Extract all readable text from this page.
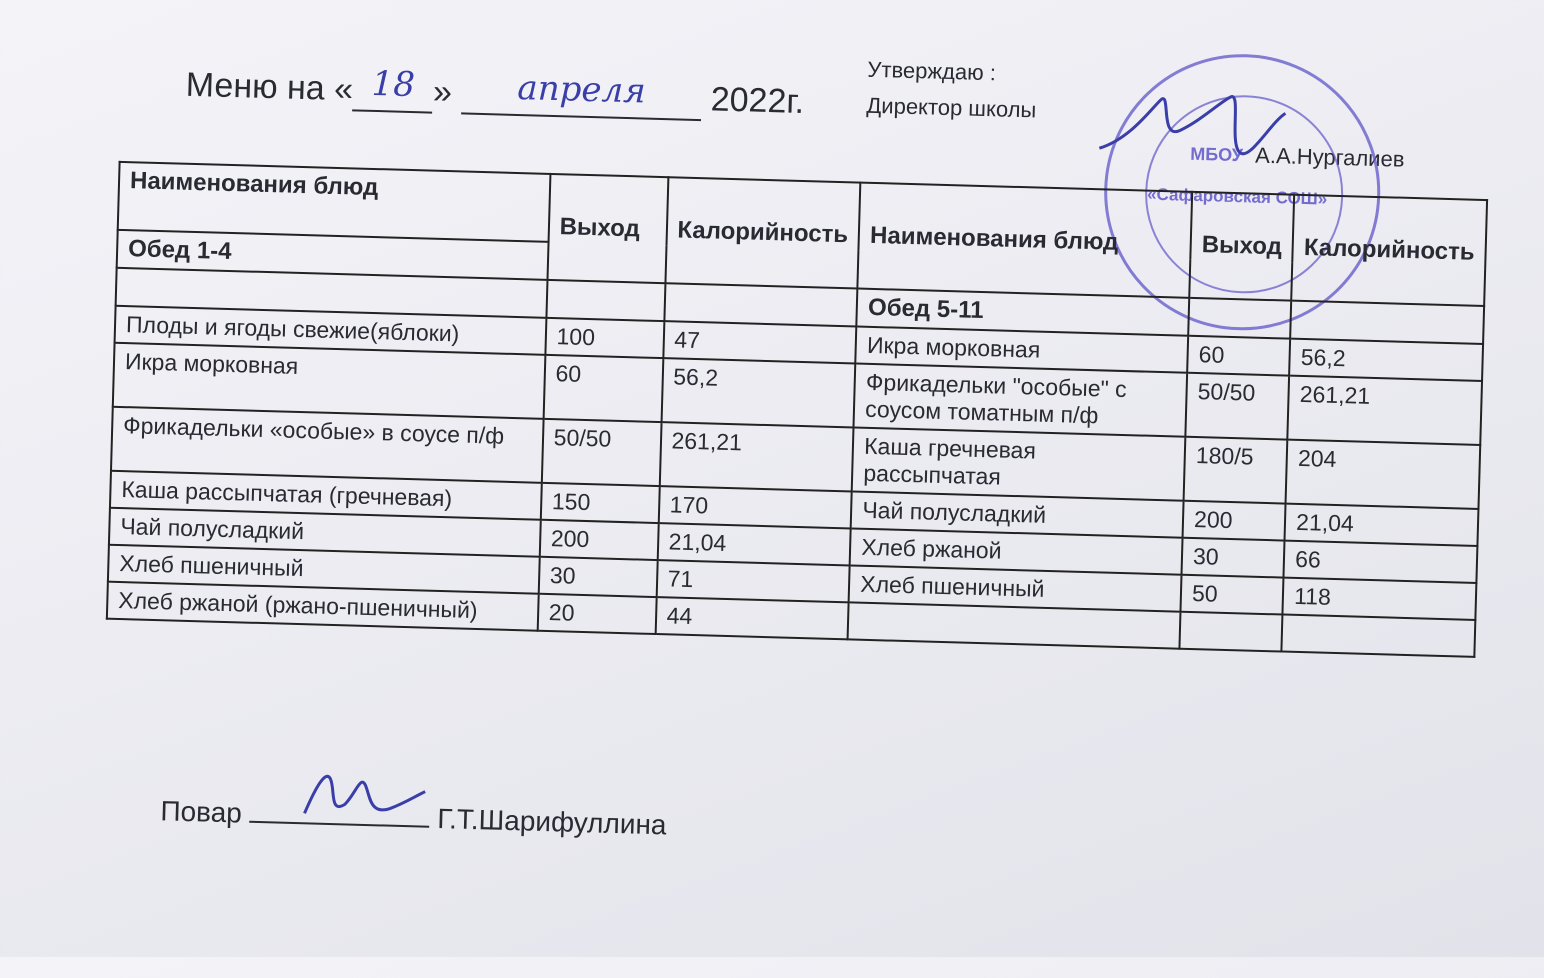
Меню на « 18 » апреля 2022г.
Утверждаю :
Директор школы
А.А.Нургалиев
МБОУ
«Сафаровская СОШ»
Наименования блюд	Выход	Калорийность	Наименования блюд	Выход	Калорийность
Обед 1-4					
			Обед 5-11		
Плоды и ягоды свежие(яблоки)	100	47	Икра морковная	60	56,2
Икра морковная	60	56,2	Фрикадельки "особые" с соусом томатным п/ф	50/50	261,21
Фрикадельки «особые» в соусе п/ф	50/50	261,21	Каша гречневая рассыпчатая	180/5	204
Каша рассыпчатая (гречневая)	150	170	Чай полусладкий	200	21,04
Чай полусладкий	200	21,04	Хлеб ржаной	30	66
Хлеб пшеничный	30	71	Хлеб пшеничный	50	118
Хлеб ржаной (ржано-пшеничный)	20	44			
Повар	Г.Т.Шарифуллина
